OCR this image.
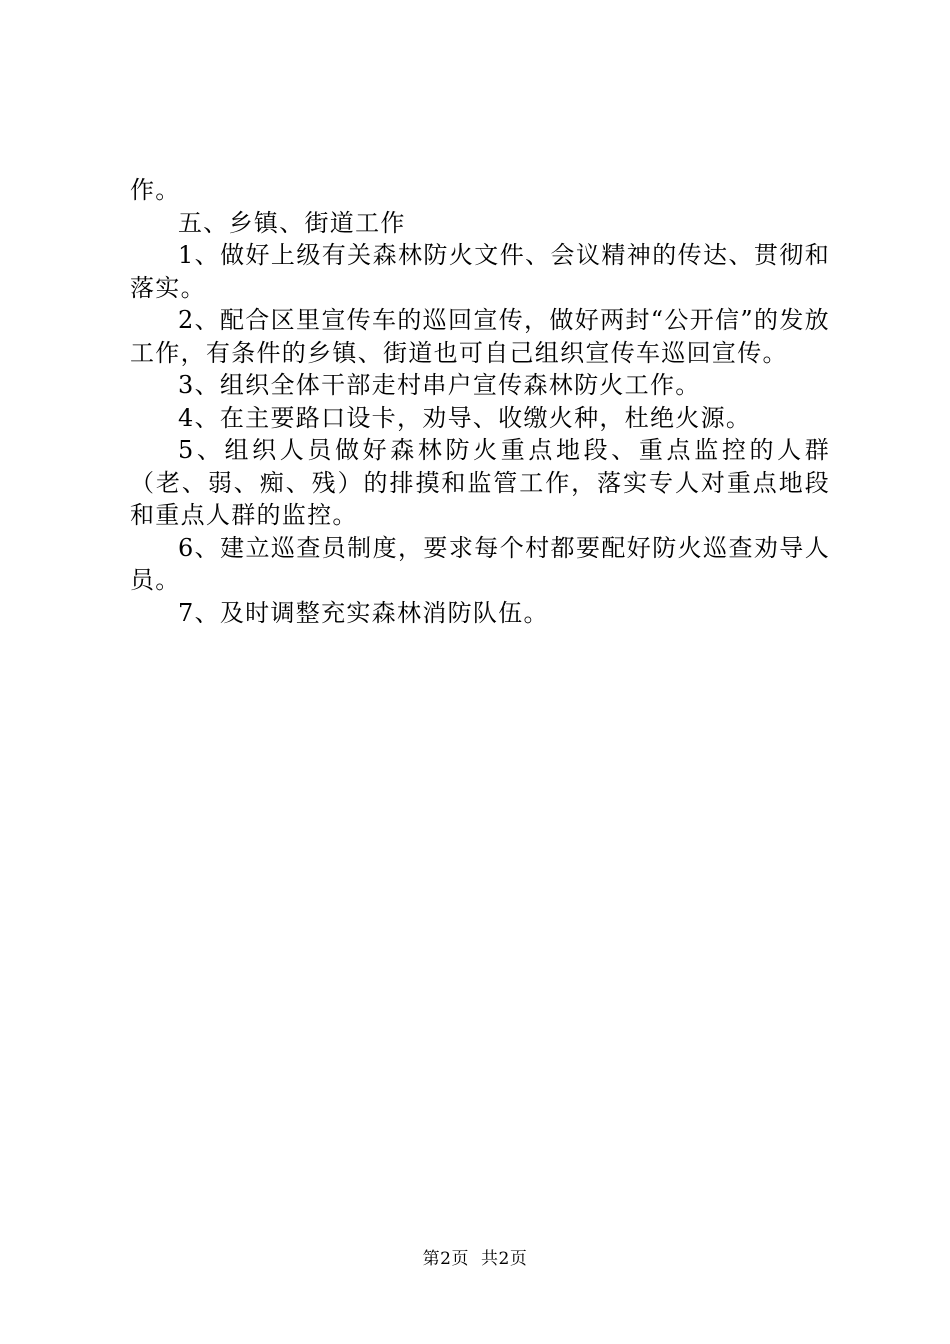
作。

五、乡镇、街道工作

1、做好上级有关森林防火文件、会议精神的传达、贯彻和落实。

2、配合区里宣传车的巡回宣传，做好两封“公开信”的发放工作，有条件的乡镇、街道也可自己组织宣传车巡回宣传。

3、组织全体干部走村串户宣传森林防火工作。

4、在主要路口设卡，劝导、收缴火种，杜绝火源。

5、组织人员做好森林防火重点地段、重点监控的人群（老、弱、痴、残）的排摸和监管工作，落实专人对重点地段和重点人群的监控。

6、建立巡查员制度，要求每个村都要配好防火巡查劝导人员。

7、及时调整充实森林消防队伍。

第2页 共2页
